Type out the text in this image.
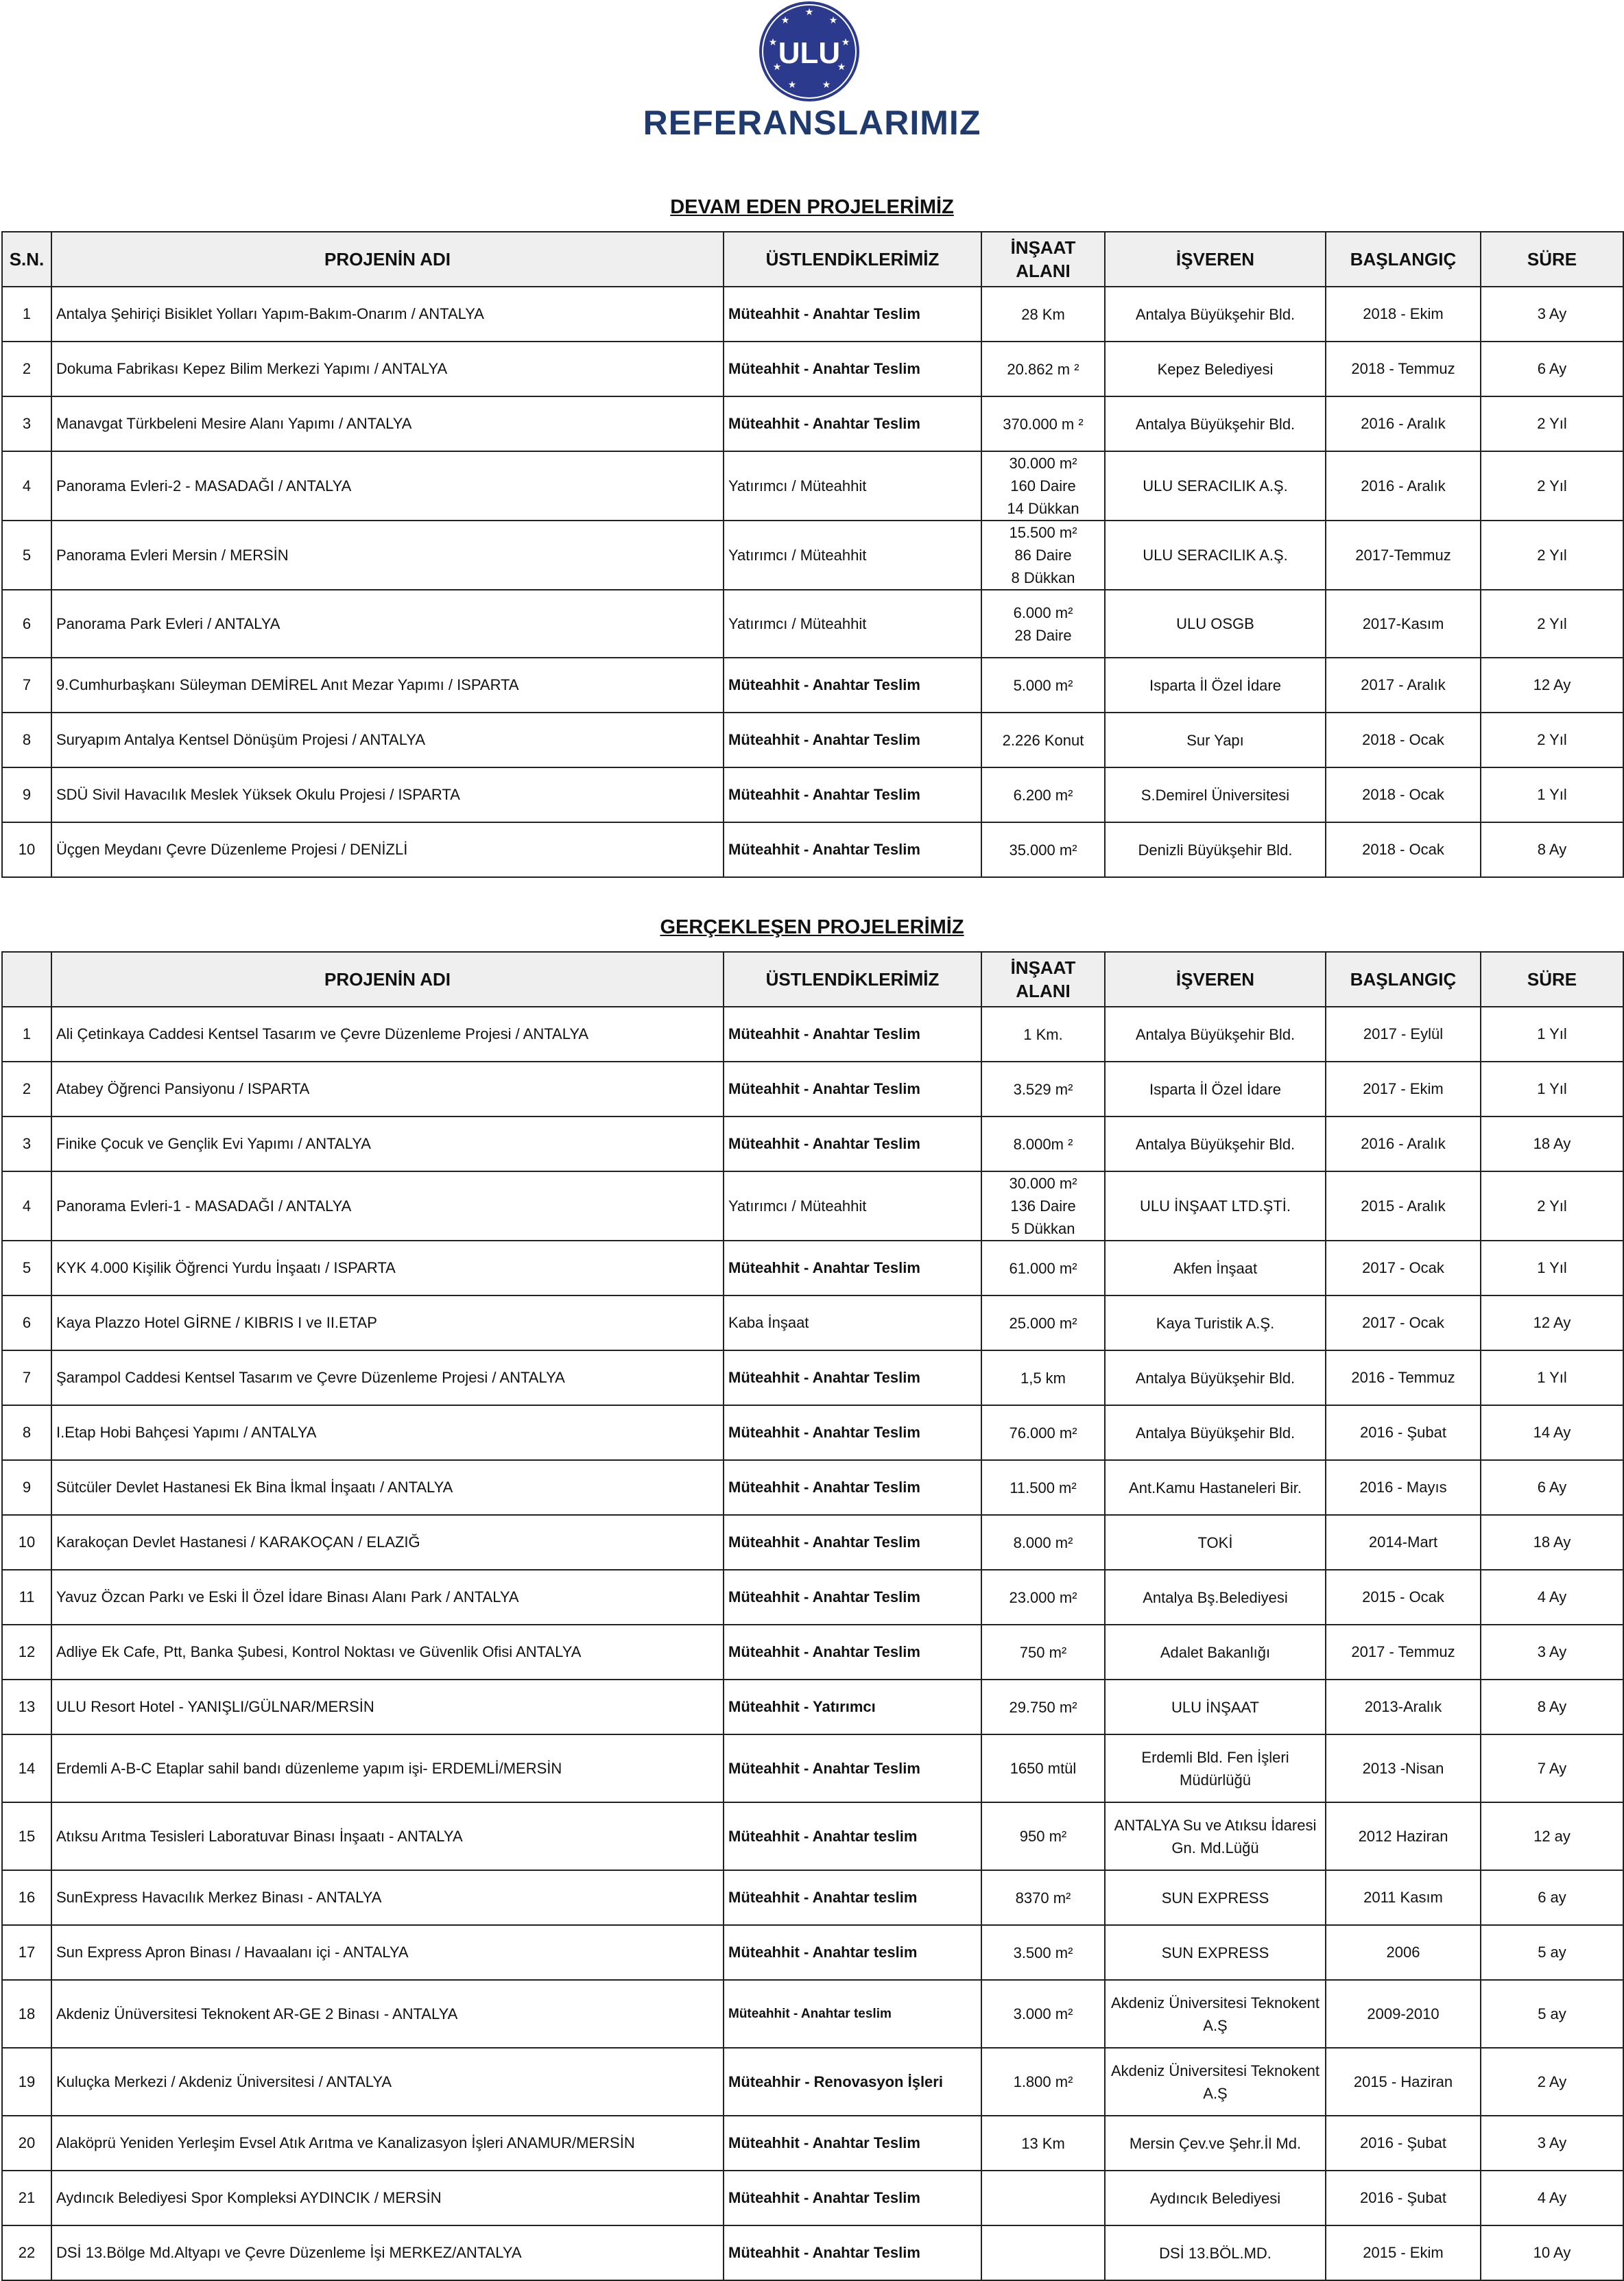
★
★
★
★
★
★
★
★
★
ULU
REFERANSLARIMIZ
DEVAM EDEN PROJELERİMİZ
S.N.	PROJENİN ADI	ÜSTLENDİKLERİMİZ	İNŞAAT
ALANI	İŞVEREN	BAŞLANGIÇ	SÜRE
1	Antalya Şehiriçi Bisiklet Yolları Yapım-Bakım-Onarım / ANTALYA	Müteahhit - Anahtar Teslim	28 Km	Antalya Büyükşehir Bld.	2018 - Ekim	3 Ay
2	Dokuma Fabrikası Kepez Bilim Merkezi Yapımı / ANTALYA	Müteahhit - Anahtar Teslim	20.862 m ²	Kepez Belediyesi	2018 - Temmuz	6 Ay
3	Manavgat Türkbeleni Mesire Alanı Yapımı / ANTALYA	Müteahhit - Anahtar Teslim	370.000 m ²	Antalya Büyükşehir Bld.	2016 - Aralık	2 Yıl
4	Panorama Evleri-2 - MASADAĞI / ANTALYA	Yatırımcı / Müteahhit	30.000 m²
160 Daire
14 Dükkan	ULU SERACILIK A.Ş.	2016 - Aralık	2 Yıl
5	Panorama Evleri Mersin / MERSİN	Yatırımcı / Müteahhit	15.500 m²
86 Daire
8 Dükkan	ULU SERACILIK A.Ş.	2017-Temmuz	2 Yıl
6	Panorama Park Evleri / ANTALYA	Yatırımcı / Müteahhit	6.000 m²
28 Daire	ULU OSGB	2017-Kasım	2 Yıl
7	9.Cumhurbaşkanı Süleyman DEMİREL Anıt Mezar Yapımı / ISPARTA	Müteahhit - Anahtar Teslim	5.000 m²	Isparta İl Özel İdare	2017 - Aralık	12 Ay
8	Suryapım Antalya Kentsel Dönüşüm Projesi / ANTALYA	Müteahhit - Anahtar Teslim	2.226 Konut	Sur Yapı	2018 - Ocak	2 Yıl
9	SDÜ Sivil Havacılık Meslek Yüksek Okulu Projesi / ISPARTA	Müteahhit - Anahtar Teslim	6.200 m²	S.Demirel Üniversitesi	2018 - Ocak	1 Yıl
10	Üçgen Meydanı Çevre Düzenleme Projesi / DENİZLİ	Müteahhit - Anahtar Teslim	35.000 m²	Denizli Büyükşehir Bld.	2018 - Ocak	8 Ay
GERÇEKLEŞEN PROJELERİMİZ
	PROJENİN ADI	ÜSTLENDİKLERİMİZ	İNŞAAT
ALANI	İŞVEREN	BAŞLANGIÇ	SÜRE
1	Ali Çetinkaya Caddesi Kentsel Tasarım ve Çevre Düzenleme Projesi / ANTALYA	Müteahhit - Anahtar Teslim	1 Km.	Antalya Büyükşehir Bld.	2017 - Eylül	1 Yıl
2	Atabey Öğrenci Pansiyonu / ISPARTA	Müteahhit - Anahtar Teslim	3.529 m²	Isparta İl Özel İdare	2017 - Ekim	1 Yıl
3	Finike Çocuk ve Gençlik Evi Yapımı / ANTALYA	Müteahhit - Anahtar Teslim	8.000m ²	Antalya Büyükşehir Bld.	2016 - Aralık	18 Ay
4	Panorama Evleri-1 - MASADAĞI / ANTALYA	Yatırımcı / Müteahhit	30.000 m²
136 Daire
5 Dükkan	ULU İNŞAAT LTD.ŞTİ.	2015 - Aralık	2 Yıl
5	KYK 4.000 Kişilik Öğrenci Yurdu İnşaatı / ISPARTA	Müteahhit - Anahtar Teslim	61.000 m²	Akfen İnşaat	2017 - Ocak	1 Yıl
6	Kaya Plazzo Hotel GİRNE / KIBRIS I ve II.ETAP	Kaba İnşaat	25.000 m²	Kaya Turistik A.Ş.	2017 - Ocak	12 Ay
7	Şarampol Caddesi Kentsel Tasarım ve Çevre Düzenleme Projesi / ANTALYA	Müteahhit - Anahtar Teslim	1,5 km	Antalya Büyükşehir Bld.	2016 - Temmuz	1 Yıl
8	I.Etap Hobi Bahçesi Yapımı / ANTALYA	Müteahhit - Anahtar Teslim	76.000 m²	Antalya Büyükşehir Bld.	2016 - Şubat	14 Ay
9	Sütcüler Devlet Hastanesi Ek Bina İkmal İnşaatı / ANTALYA	Müteahhit - Anahtar Teslim	11.500 m²	Ant.Kamu Hastaneleri Bir.	2016 - Mayıs	6 Ay
10	Karakoçan Devlet Hastanesi / KARAKOÇAN / ELAZIĞ	Müteahhit - Anahtar Teslim	8.000 m²	TOKİ	2014-Mart	18 Ay
11	Yavuz Özcan Parkı ve Eski İl Özel İdare Binası Alanı Park / ANTALYA	Müteahhit - Anahtar Teslim	23.000 m²	Antalya Bş.Belediyesi	2015 - Ocak	4 Ay
12	Adliye Ek Cafe, Ptt, Banka Şubesi, Kontrol Noktası ve Güvenlik Ofisi ANTALYA	Müteahhit - Anahtar Teslim	750 m²	Adalet Bakanlığı	2017 - Temmuz	3 Ay
13	ULU Resort Hotel - YANIŞLI/GÜLNAR/MERSİN	Müteahhit - Yatırımcı	29.750 m²	ULU İNŞAAT	2013-Aralık	8 Ay
14	Erdemli A-B-C Etaplar sahil bandı düzenleme yapım işi- ERDEMLİ/MERSİN	Müteahhit - Anahtar Teslim	1650 mtül	Erdemli Bld. Fen İşleri Müdürlüğü	2013 -Nisan	7 Ay
15	Atıksu Arıtma Tesisleri Laboratuvar Binası İnşaatı - ANTALYA	Müteahhit - Anahtar teslim	950 m²	ANTALYA Su ve Atıksu İdaresi Gn. Md.Lüğü	2012 Haziran	12 ay
16	SunExpress Havacılık Merkez Binası - ANTALYA	Müteahhit - Anahtar teslim	8370 m²	SUN EXPRESS	2011 Kasım	6 ay
17	Sun Express Apron Binası / Havaalanı içi - ANTALYA	Müteahhit - Anahtar teslim	3.500 m²	SUN EXPRESS	2006	5 ay
18	Akdeniz Ünüversitesi Teknokent AR-GE 2 Binası - ANTALYA	Müteahhit - Anahtar teslim	3.000 m²	Akdeniz Üniversitesi Teknokent A.Ş	2009-2010	5 ay
19	Kuluçka Merkezi / Akdeniz Üniversitesi / ANTALYA	Müteahhir - Renovasyon İşleri	1.800 m²	Akdeniz Üniversitesi Teknokent A.Ş	2015 - Haziran	2 Ay
20	Alaköprü Yeniden Yerleşim Evsel Atık Arıtma ve Kanalizasyon İşleri ANAMUR/MERSİN	Müteahhit - Anahtar Teslim	13 Km	Mersin Çev.ve Şehr.İl Md.	2016 - Şubat	3 Ay
21	Aydıncık Belediyesi Spor Kompleksi AYDINCIK / MERSİN	Müteahhit - Anahtar Teslim		Aydıncık Belediyesi	2016 - Şubat	4 Ay
22	DSİ 13.Bölge Md.Altyapı ve Çevre Düzenleme İşi MERKEZ/ANTALYA	Müteahhit - Anahtar Teslim		DSİ 13.BÖL.MD.	2015 - Ekim	10 Ay
